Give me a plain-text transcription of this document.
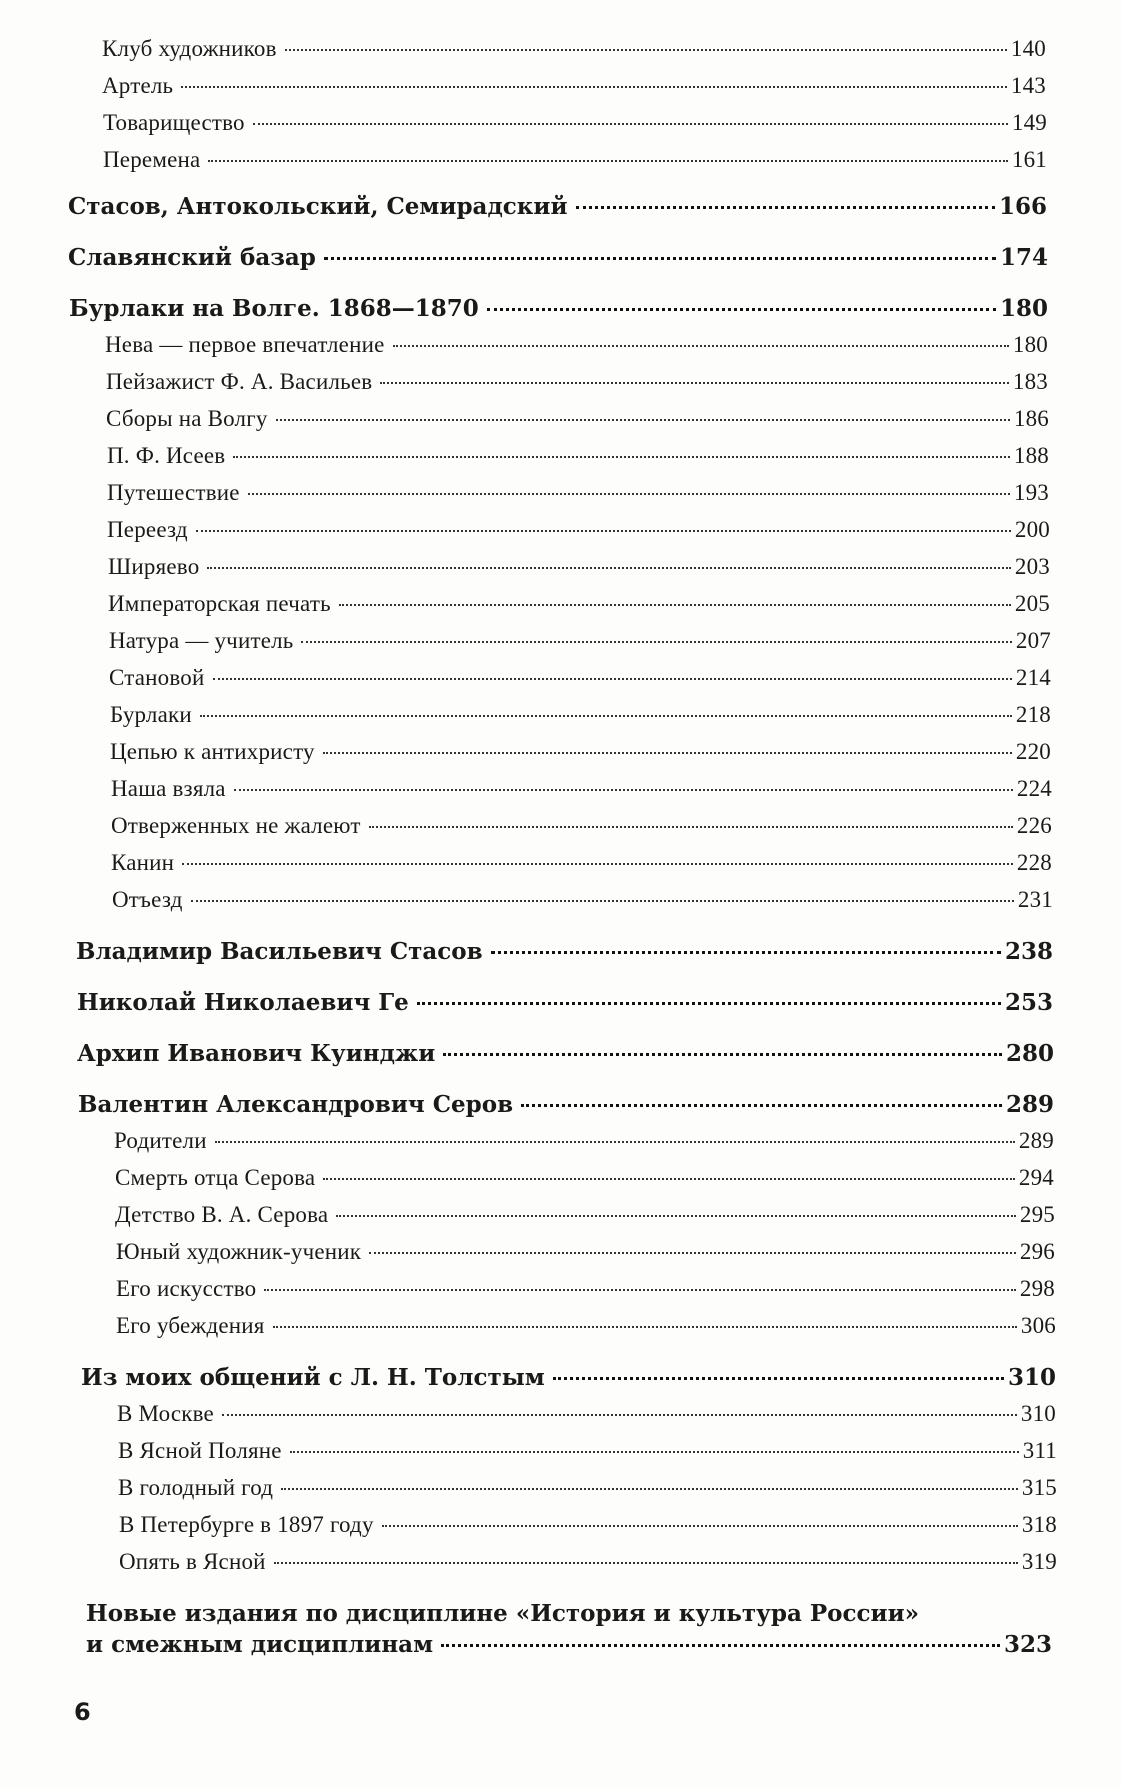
Клуб художников	140
Артель	143
Товарищество	149
Перемена	161
Стасов, Антокольский, Семирадский	166
Славянский базар	174
Бурлаки на Волге. 1868—1870	180
Нева — первое впечатление	180
Пейзажист Ф. А. Васильев	183
Сборы на Волгу	186
П. Ф. Исеев	188
Путешествие	193
Переезд	200
Ширяево	203
Императорская печать	205
Натура — учитель	207
Становой	214
Бурлаки	218
Цепью к антихристу	220
Наша взяла	224
Отверженных не жалеют	226
Канин	228
Отъезд	231
Владимир Васильевич Стасов	238
Николай Николаевич Ге	253
Архип Иванович Куинджи	280
Валентин Александрович Серов	289
Родители	289
Смерть отца Серова	294
Детство В. А. Серова	295
Юный художник-ученик	296
Его искусство	298
Его убеждения	306
Из моих общений с Л. Н. Толстым	310
В Москве	310
В Ясной Поляне	311
В голодный год	315
В Петербурге в 1897 году	318
Опять в Ясной	319
Новые издания по дисциплине «История и культура России»
и смежным дисциплинам	323
6
